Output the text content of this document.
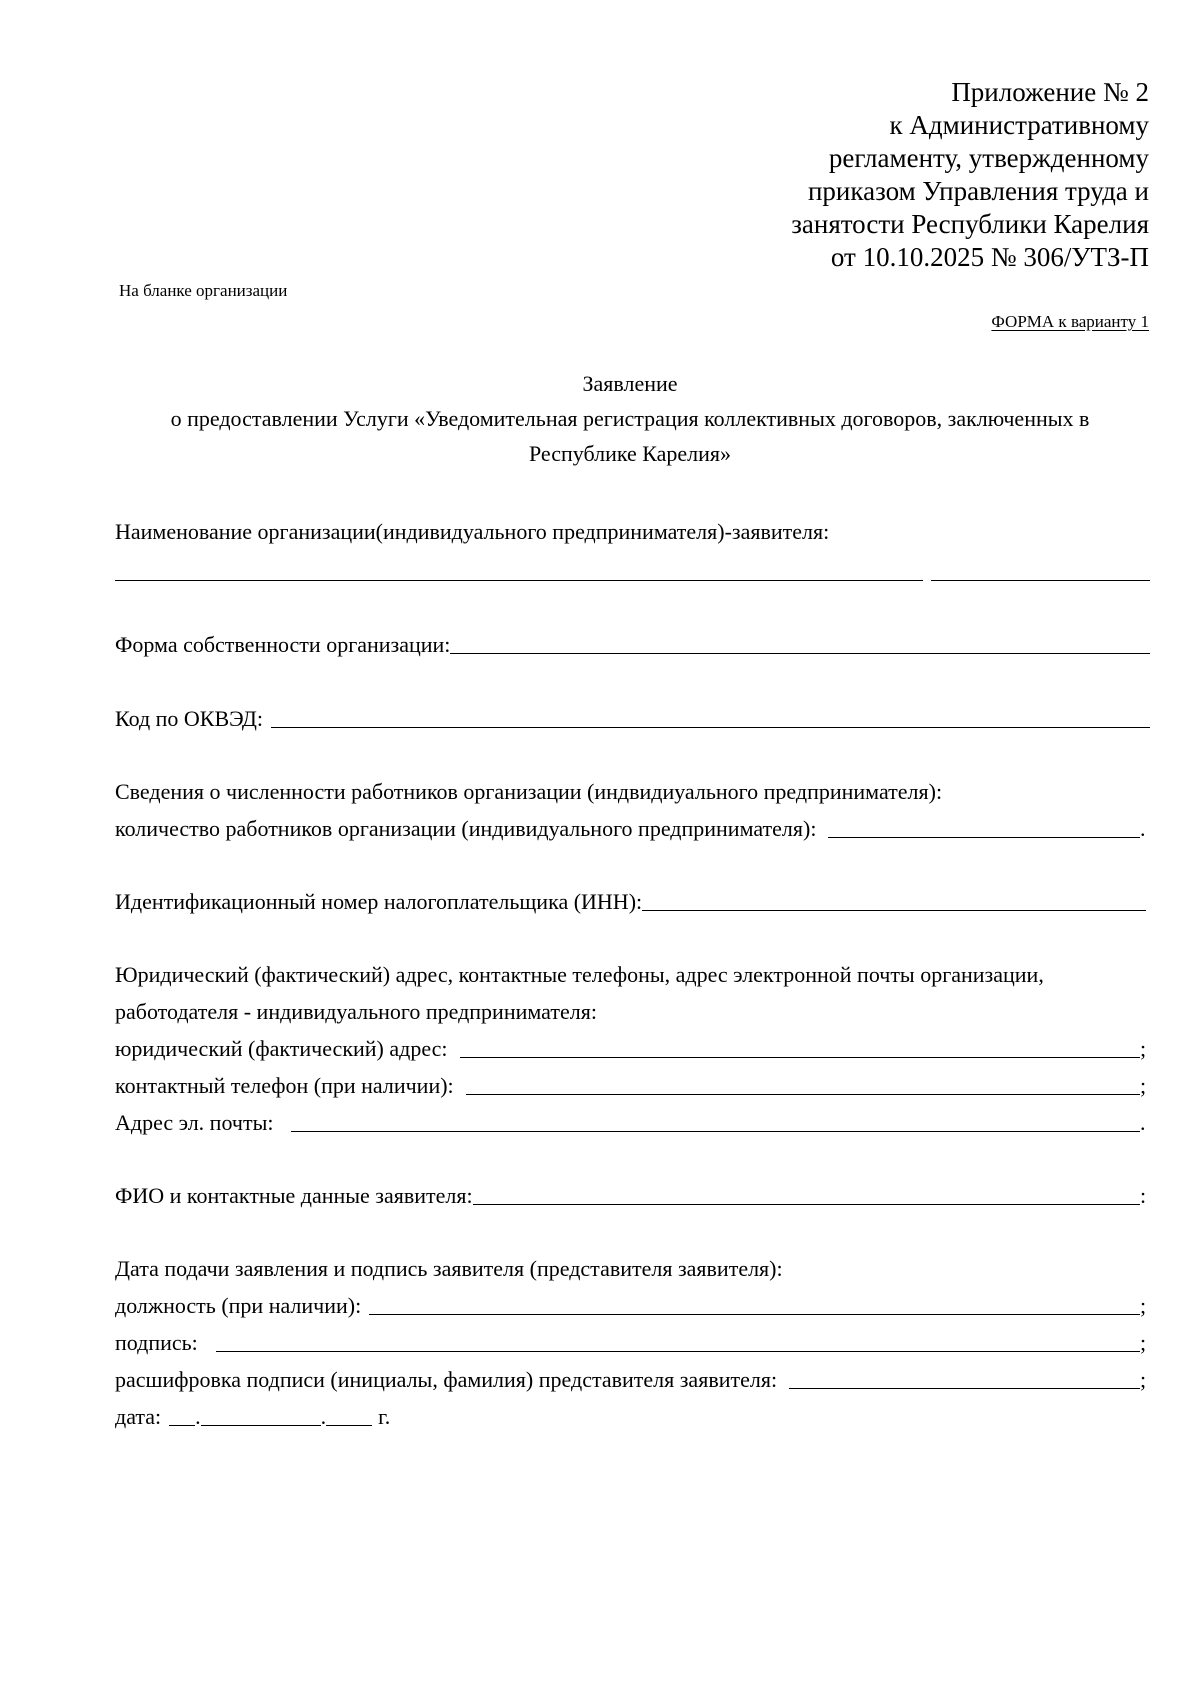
Приложение № 2
к Административному
регламенту, утвержденному
приказом Управления труда и
занятости Республики Карелия
от 10.10.2025 № 306/УТЗ-П
На бланке организации
ФОРМА к варианту 1
Заявление
о предоставлении Услуги «Уведомительная регистрация коллективных договоров, заключенных в
Республике Карелия»
Наименование организации(индивидуального предпринимателя)-заявителя:
Форма собственности организации:
Код по ОКВЭД:
Сведения о численности работников организации (индвидиуального предпринимателя):
количество работников организации (индивидуального предпринимателя):	.
Идентификационный номер налогоплательщика (ИНН):
Юридический (фактический) адрес, контактные телефоны, адрес электронной почты организации,
работодателя - индивидуального предпринимателя:
юридический (фактический) адрес:	;
контактный телефон (при наличии):	;
Адрес эл. почты:	.
ФИО и контактные данные заявителя:	:
Дата подачи заявления и подпись заявителя (представителя заявителя):
должность (при наличии):	;
подпись:	;
расшифровка подписи (инициалы, фамилия) представителя заявителя:	;
дата: .	. г.
